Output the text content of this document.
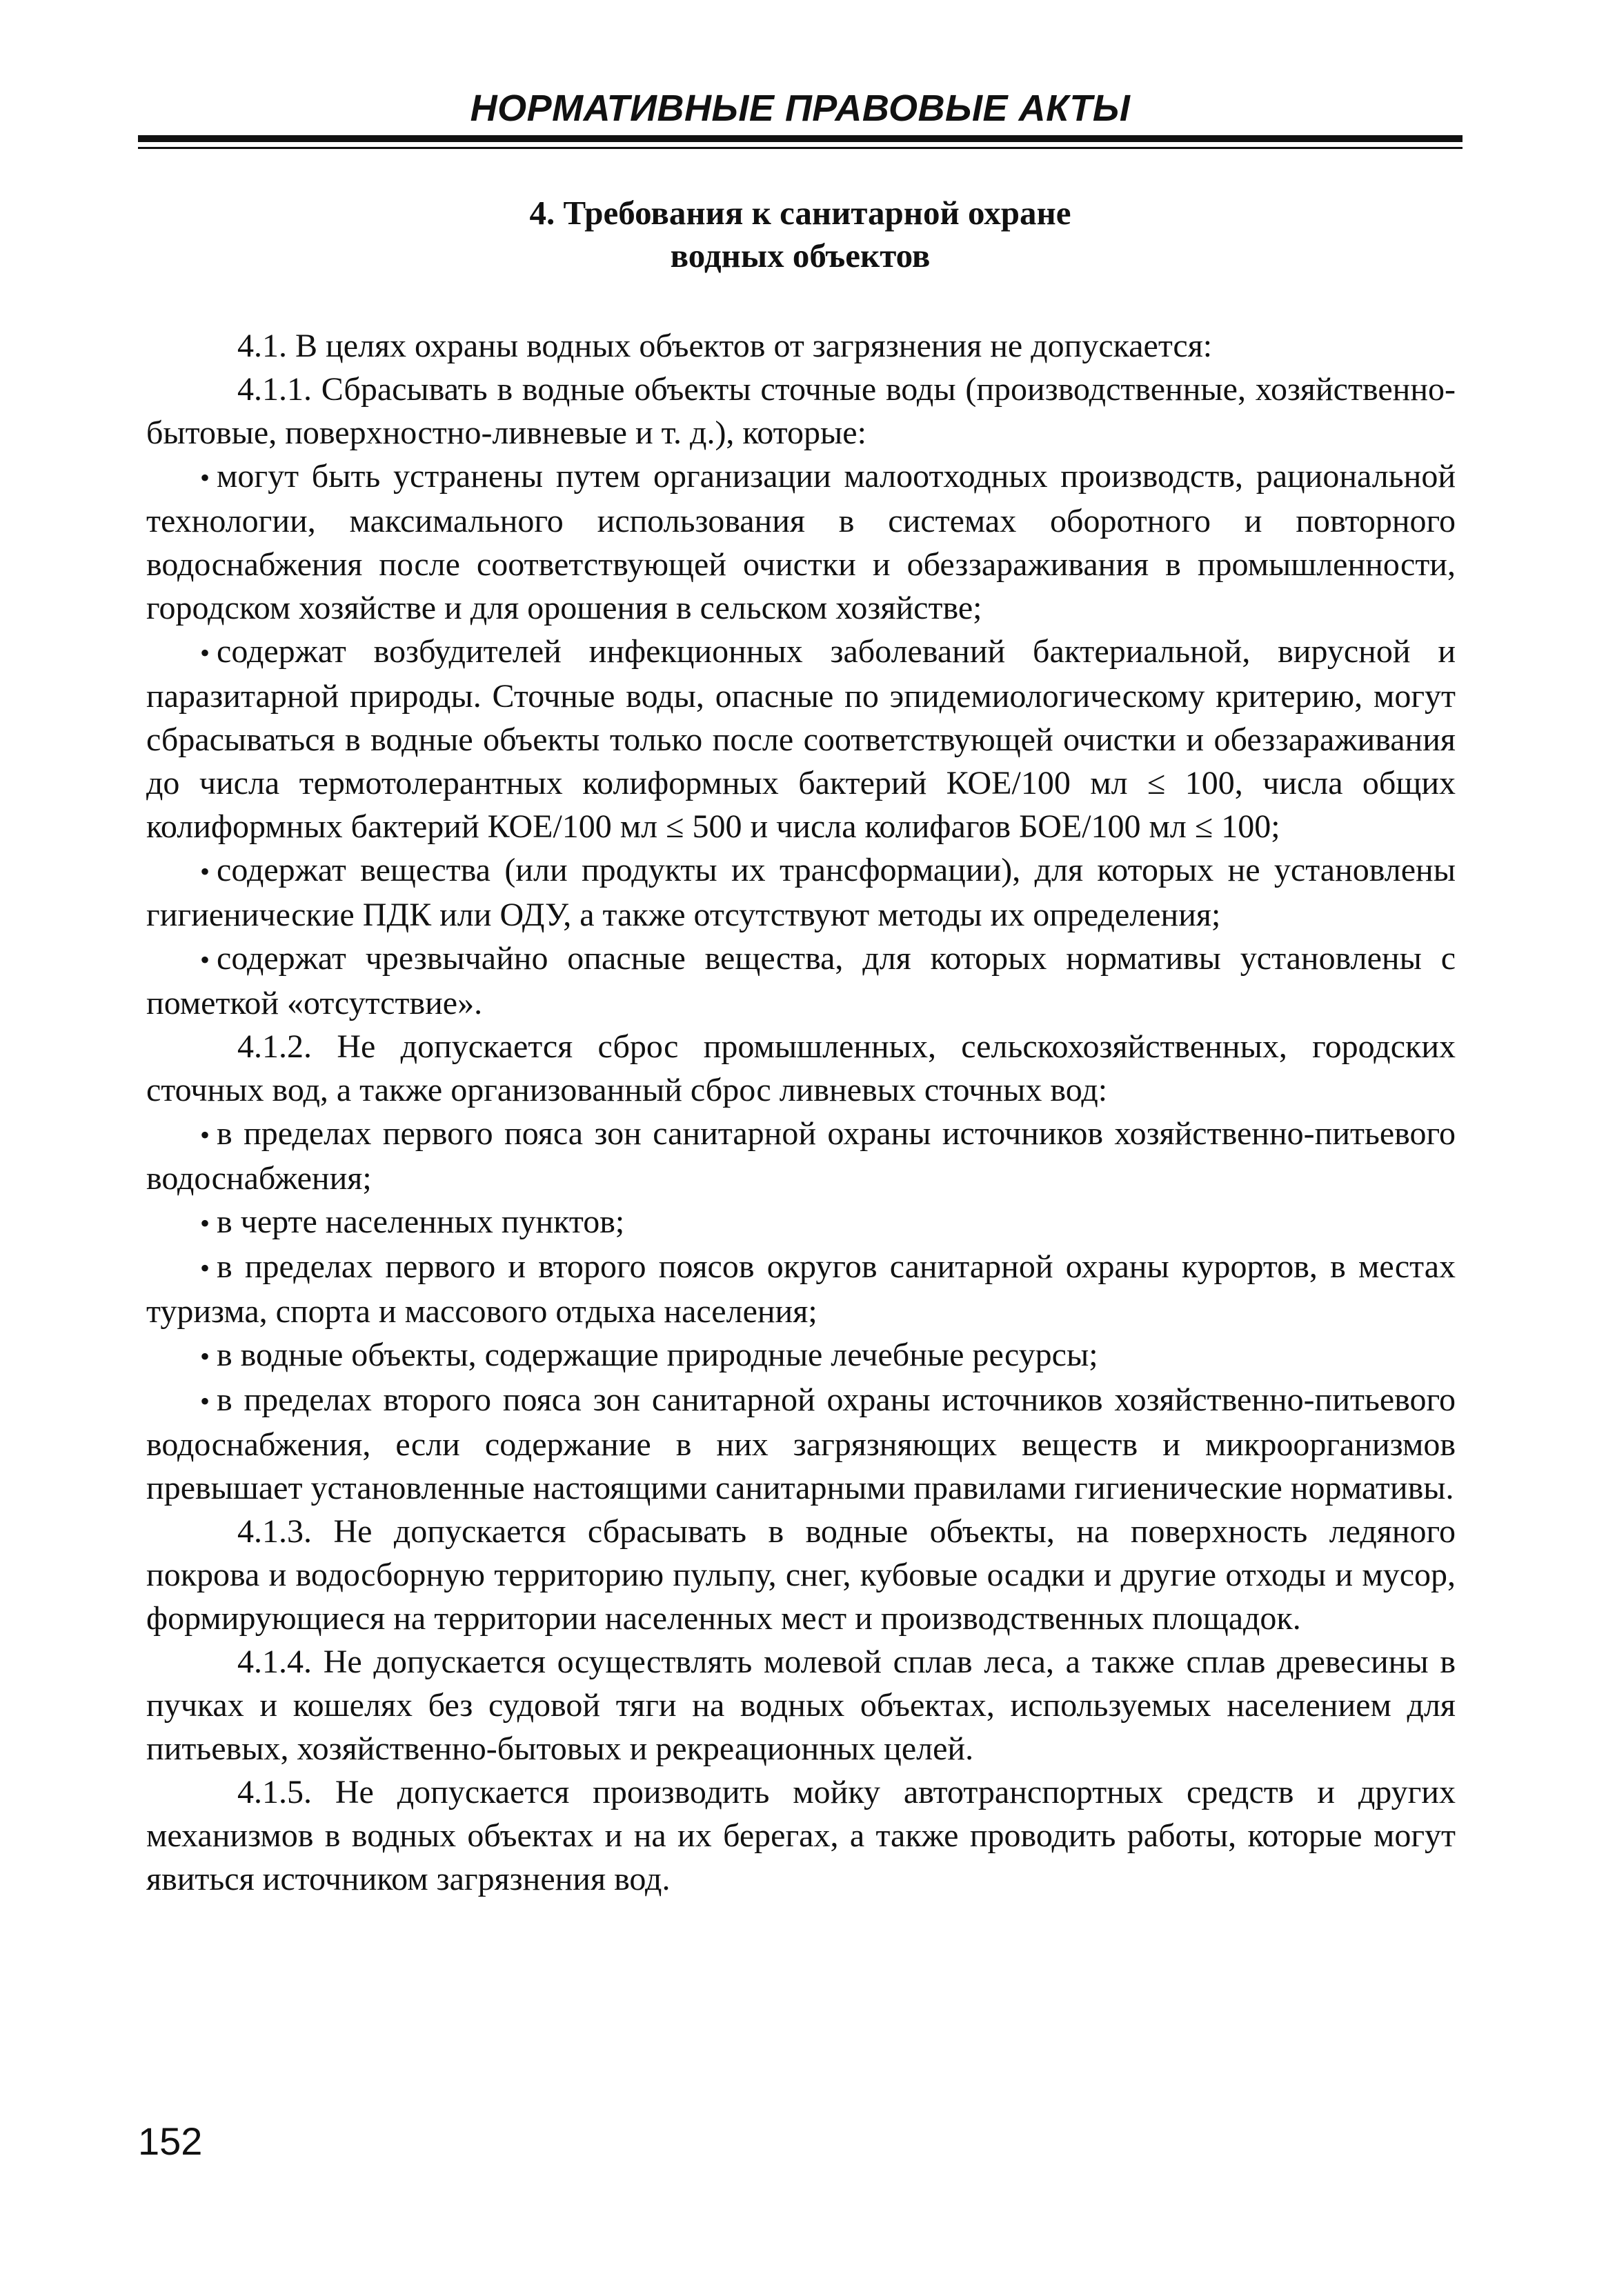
НОРМАТИВНЫЕ ПРАВОВЫЕ АКТЫ
4. Требования к санитарной охране
водных объектов

4.1. В целях охраны водных объектов от загрязнения не допускается:

4.1.1. Сбрасывать в водные объекты сточные воды (производственные, хозяйственно-бытовые, поверхностно-ливневые и т. д.), которые:

• могут быть устранены путем организации малоотходных производств, рациональной технологии, максимального использования в системах оборотного и повторного водоснабжения после соответствующей очистки и обеззараживания в промышленности, городском хозяйстве и для орошения в сельском хозяйстве;

• содержат возбудителей инфекционных заболеваний бактериальной, вирусной и паразитарной природы. Сточные воды, опасные по эпидемиологическому критерию, могут сбрасываться в водные объекты только после соответствующей очистки и обеззараживания до числа термотолерантных колиформных бактерий КОЕ/100 мл ≤ 100, числа общих колиформных бактерий КОЕ/100 мл ≤ 500 и числа колифагов БОЕ/100 мл ≤ 100;

• содержат вещества (или продукты их трансформации), для которых не установлены гигиенические ПДК или ОДУ, а также отсутствуют методы их определения;

• содержат чрезвычайно опасные вещества, для которых нормативы установлены с пометкой «отсутствие».

4.1.2. Не допускается сброс промышленных, сельскохозяйственных, городских сточных вод, а также организованный сброс ливневых сточных вод:

• в пределах первого пояса зон санитарной охраны источников хозяйственно-питьевого водоснабжения;

• в черте населенных пунктов;

• в пределах первого и второго поясов округов санитарной охраны курортов, в местах туризма, спорта и массового отдыха населения;

• в водные объекты, содержащие природные лечебные ресурсы;

• в пределах второго пояса зон санитарной охраны источников хозяйственно-питьевого водоснабжения, если содержание в них загрязняющих веществ и микроорганизмов превышает установленные настоящими санитарными правилами гигиенические нормативы.

4.1.3. Не допускается сбрасывать в водные объекты, на поверхность ледяного покрова и водосборную территорию пульпу, снег, кубовые осадки и другие отходы и мусор, формирующиеся на территории населенных мест и производственных площадок.

4.1.4. Не допускается осуществлять молевой сплав леса, а также сплав древесины в пучках и кошелях без судовой тяги на водных объектах, используемых населением для питьевых, хозяйственно-бытовых и рекреационных целей.

4.1.5. Не допускается производить мойку автотранспортных средств и других механизмов в водных объектах и на их берегах, а также проводить работы, которые могут явиться источником загрязнения вод.

152
